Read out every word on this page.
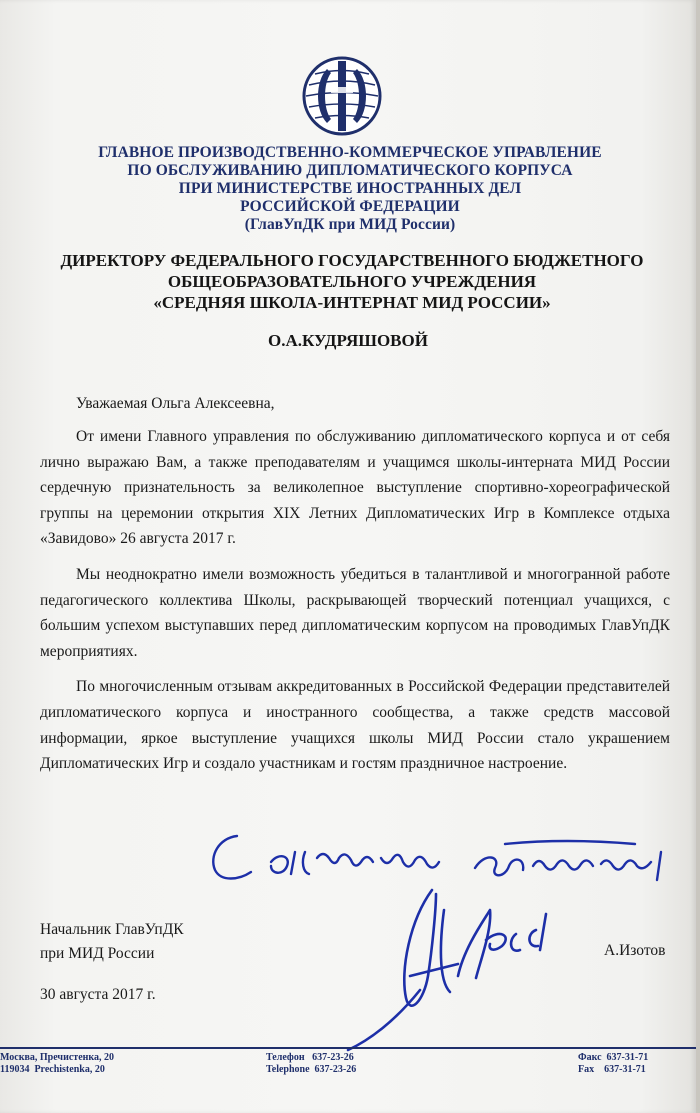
ГЛАВНОЕ ПРОИЗВОДСТВЕННО-КОММЕРЧЕСКОЕ УПРАВЛЕНИЕ
ПО ОБСЛУЖИВАНИЮ ДИПЛОМАТИЧЕСКОГО КОРПУСА
ПРИ МИНИСТЕРСТВЕ ИНОСТРАННЫХ ДЕЛ
РОССИЙСКОЙ ФЕДЕРАЦИИ
(ГлавУпДК при МИД России)
ДИРЕКТОРУ ФЕДЕРАЛЬНОГО ГОСУДАРСТВЕННОГО БЮДЖЕТНОГО
ОБЩЕОБРАЗОВАТЕЛЬНОГО УЧРЕЖДЕНИЯ
«СРЕДНЯЯ ШКОЛА-ИНТЕРНАТ МИД РОССИИ»
О.А.КУДРЯШОВОЙ
Уважаемая Ольга Алексеевна,

От имени Главного управления по обслуживанию дипломатического корпуса и от себя лично выражаю Вам, а также преподавателям и учащимся школы-интерната МИД России сердечную признательность за великолепное выступление спортивно-хореографической группы на церемонии открытия XIX Летних Дипломатических Игр в Комплексе отдыха «Завидово» 26 августа 2017 г.

Мы неоднократно имели возможность убедиться в талантливой и многогранной работе педагогического коллектива Школы, раскрывающей творческий потенциал учащихся, с большим успехом выступавших перед дипломатическим корпусом на проводимых ГлавУпДК мероприятиях.

По многочисленным отзывам аккредитованных в Российской Федерации представителей дипломатического корпуса и иностранного сообщества, а также средств массовой информации, яркое выступление учащихся школы МИД России стало украшением Дипломатических Игр и создало участникам и гостям праздничное настроение.

Начальник ГлавУпДК
при МИД России	А.Изотов
30 августа 2017 г.
Москва, Пречистенка, 20
119034  Prechistenka, 20
Телефон   637-23-26
Telephone  637-23-26
Факс  637-31-71
Fax    637-31-71
